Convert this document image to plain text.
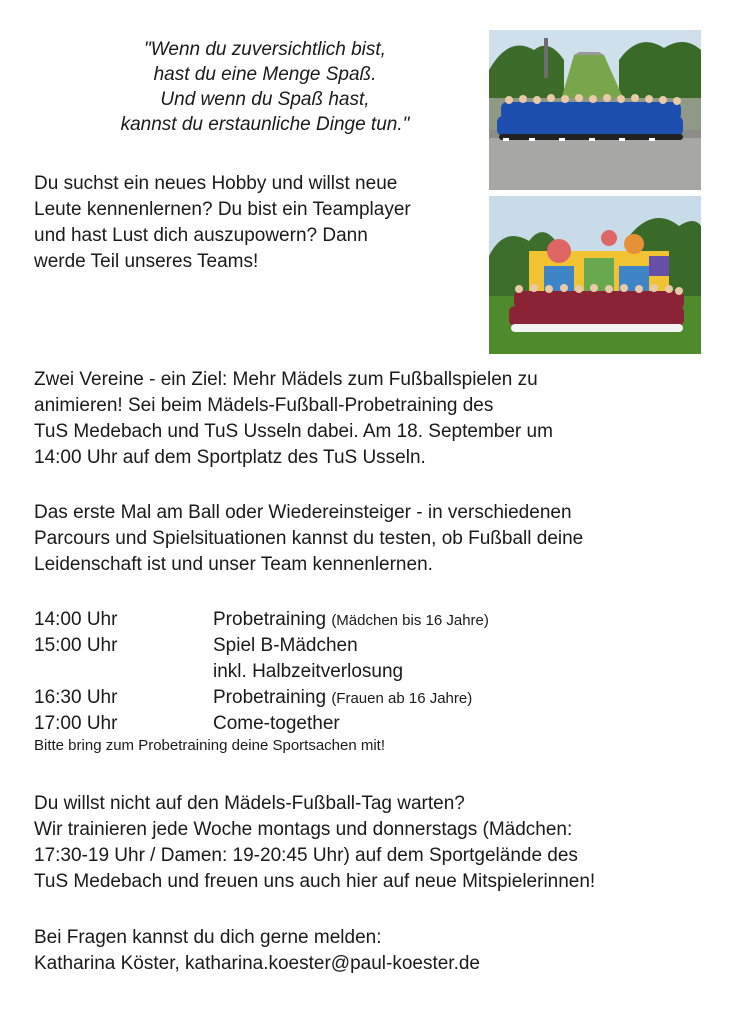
"Wenn du zuversichtlich bist,
hast du eine Menge Spaß.
Und wenn du Spaß hast,
kannst du erstaunliche Dinge tun."
Du suchst ein neues Hobby und willst neue
Leute kennenlernen? Du bist ein Teamplayer
und hast Lust dich auszupowern? Dann
werde Teil unseres Teams!
Zwei Vereine - ein Ziel: Mehr Mädels zum Fußballspielen zu
animieren! Sei beim Mädels-Fußball-Probetraining des
TuS Medebach und TuS Usseln dabei. Am 18. September um
14:00 Uhr auf dem Sportplatz des TuS Usseln.
Das erste Mal am Ball oder Wiedereinsteiger - in verschiedenen
Parcours und Spielsituationen kannst du testen, ob Fußball deine
Leidenschaft ist und unser Team kennenlernen.
14:00 Uhr	Probetraining (Mädchen bis 16 Jahre)
15:00 Uhr	Spiel B-Mädchen
inkl. Halbzeitverlosung
16:30 Uhr	Probetraining (Frauen ab 16 Jahre)
17:00 Uhr	Come-together
Bitte bring zum Probetraining deine Sportsachen mit!
Du willst nicht auf den Mädels-Fußball-Tag warten?
Wir trainieren jede Woche montags und donnerstags (Mädchen:
17:30-19 Uhr / Damen: 19-20:45 Uhr) auf dem Sportgelände des
TuS Medebach und freuen uns auch hier auf neue Mitspielerinnen!
Bei Fragen kannst du dich gerne melden:
Katharina Köster, katharina.koester@paul-koester.de
